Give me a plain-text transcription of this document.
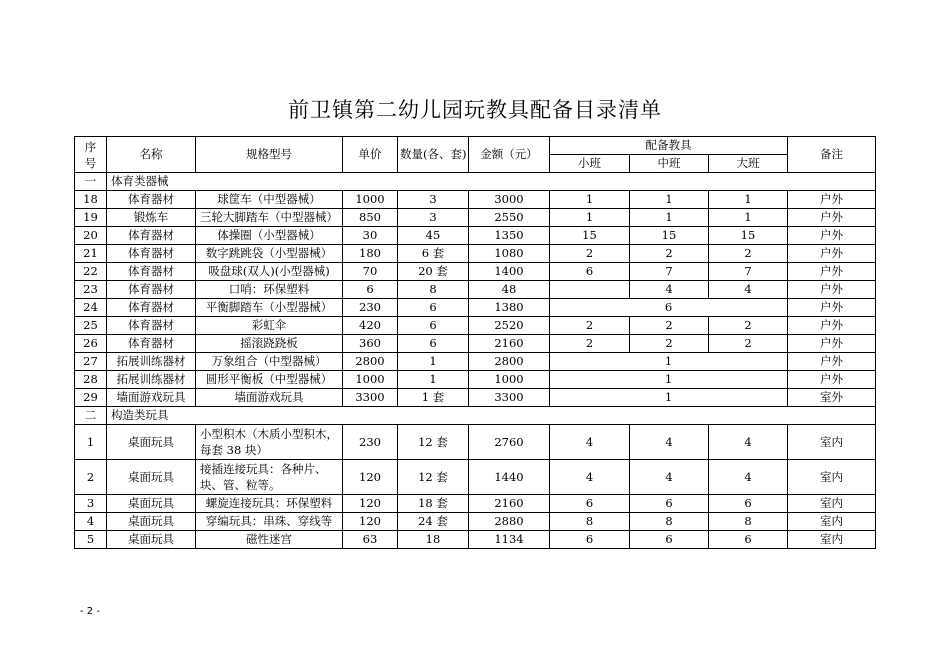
前卫镇第二幼儿园玩教具配备目录清单
序号	名称	规格型号	单价	数量(各、套)	金额（元）	配备教具			备注
						小班	中班	大班	
一	体育类器械								
18	体育器材	球筐车（中型器械）	1000	3	3000	1	1	1	户外
19	锻炼车	三轮大脚踏车（中型器械）	850	3	2550	1	1	1	户外
20	体育器材	体操圈（小型器械）	30	45	1350	15	15	15	户外
21	体育器材	数字跳跳袋（小型器械）	180	6 套	1080	2	2	2	户外
22	体育器材	吸盘球(双人)(小型器械)	70	20 套	1400	6	7	7	户外
23	体育器材	口哨：环保塑料	6	8	48		4	4	户外
24	体育器材	平衡脚踏车（小型器械）	230	6	1380	6			户外
25	体育器材	彩虹伞	420	6	2520	2	2	2	户外
26	体育器材	摇滚跷跷板	360	6	2160	2	2	2	户外
27	拓展训练器材	万象组合（中型器械）	2800	1	2800	1			户外
28	拓展训练器材	圆形平衡板（中型器械）	1000	1	1000	1			户外
29	墙面游戏玩具	墙面游戏玩具	3300	1 套	3300	1			室外
二	构造类玩具								
1	桌面玩具	小型积木（木质小型积木，每套 38 块）	230	12 套	2760	4	4	4	室内
2	桌面玩具	接插连接玩具：各种片、块、管、粒等。	120	12 套	1440	4	4	4	室内
3	桌面玩具	螺旋连接玩具：环保塑料	120	18 套	2160	6	6	6	室内
4	桌面玩具	穿编玩具：串珠、穿线等	120	24 套	2880	8	8	8	室内
5	桌面玩具	磁性迷宫	63	18	1134	6	6	6	室内
- 2 -
